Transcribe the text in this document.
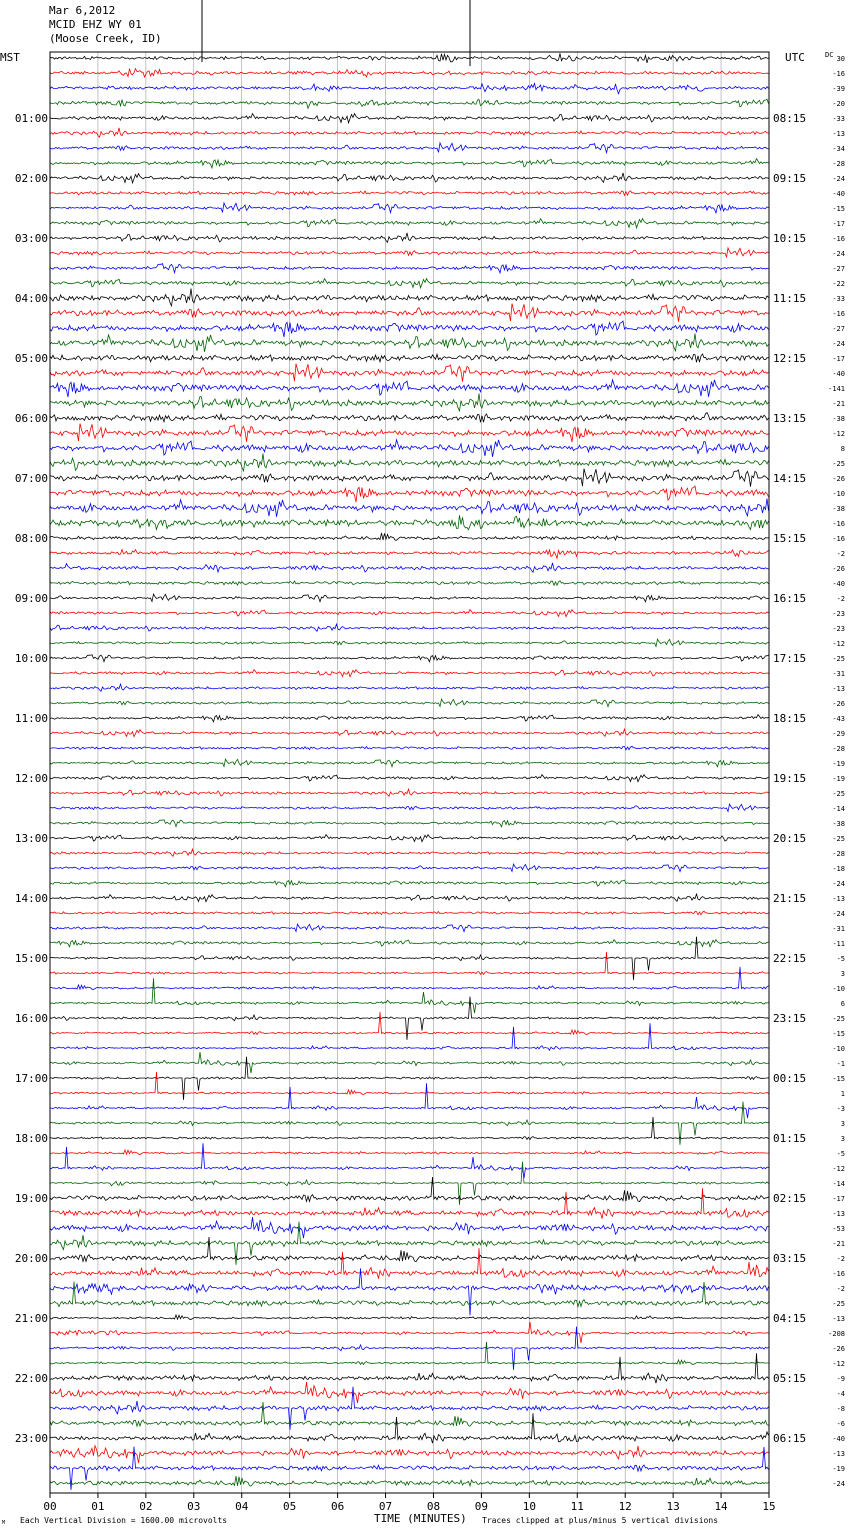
Mar 6,2012
MCID EHZ WY 01
(Moose Creek, ID)
00	01	02	03	04	05	06	07	08	09	10	11	12	13	14	15
01:00
02:00
03:00
04:00
05:00
06:00
07:00
08:00
09:00
10:00
11:00
12:00
13:00
14:00
15:00
16:00
17:00
18:00
19:00
20:00
21:00
22:00
23:00
08:15
09:15
10:15
11:15
12:15
13:15
14:15
15:15
16:15
17:15
18:15
19:15
20:15
21:15
22:15
23:15
00:15
01:15
02:15
03:15
04:15
05:15
06:15
30
-16
-39
-20
-33
-13
-34
-28
-24
-40
-15
-17
-16
-24
-27
-22
-33
-16
-27
-24
-17
-40
-141
-21
-38
-12
8
-25
-26
-10
-38
-16
-16
-2
-26
-40
-2
-23
-23
-12
-25
-31
-13
-26
-43
-29
-28
-19
-19
-25
-14
-38
-25
-28
-18
-24
-13
-24
-31
-11
-5
3
-10
6
-25
-15
-10
-1
-15
1
-3
3
3
-5
-12
-14
-17
-13
-53
-21
-2
-16
-2
-25
-13
-208
-26
-12
-9
-4
-8
-6
-40
-13
-19
-24
MST	UTC	DC
TIME (MINUTES)
Each Vertical Division = 1600.00 microvolts	Traces clipped at plus/minus 5 vertical divisions
M
